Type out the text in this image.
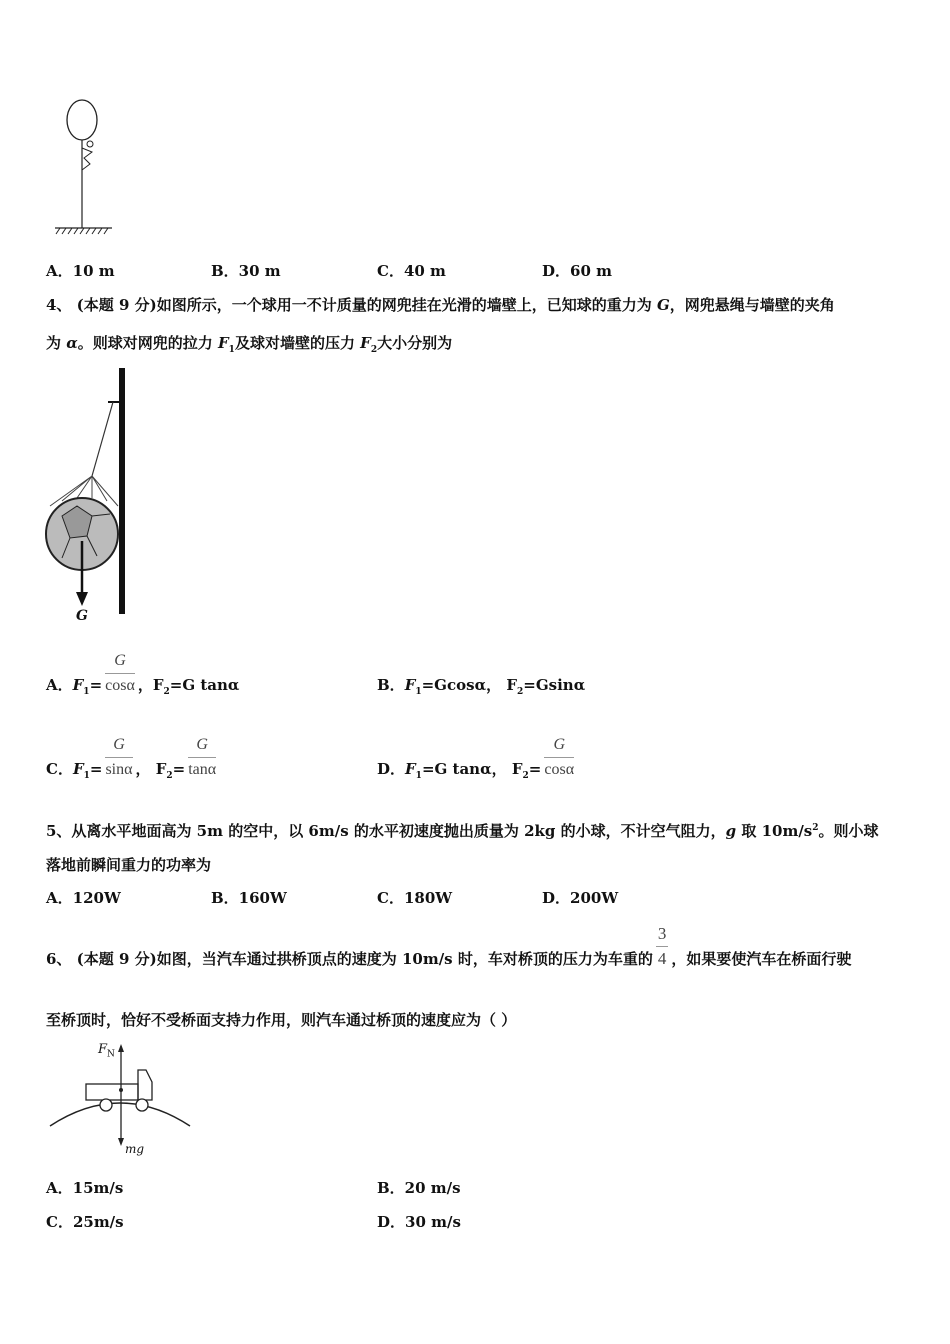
A．10 m	B．30 m	C．40 m	D．60 m
4、 (本题 9 分)如图所示，一个球用一不计质量的网兜挂在光滑的墙壁上，已知球的重力为 G，网兜悬绳与墙壁的夹角
为 α。则球对网兜的拉力 $F_1$及球对墙壁的压力 $F_2$大小分别为
G
A．$F_1= \frac{G}{\cos\alpha}$ ，$F_2=G$ tanα	B．$F_1=Gcos\alpha$， $F_2=Gsin\alpha$
C．$F_1= \frac{G}{\sin\alpha}$ ， $F_2= \frac{G}{\tan\alpha}$	D．$F_1=G$ tanα， $F_2= \frac{G}{\cos\alpha}$
5、从离水平地面高为 5m 的空中，以 6m/s 的水平初速度抛出质量为 2kg 的小球，不计空气阻力，g 取 $10m/s^2$。则小球
落地前瞬间重力的功率为
A．120W	B．160W	C．180W	D．200W
6、 (本题 9 分)如图，当汽车通过拱桥顶点的速度为 10m/s 时，车对桥顶的压力为车重的 $\frac{3}{4}$ ，如果要使汽车在桥面行驶
至桥顶时，恰好不受桥面支持力作用，则汽车通过桥顶的速度应为（ ）
$F_N$
mg
A．15m/s	B．20 m/s
C．25m/s	D．30 m/s
